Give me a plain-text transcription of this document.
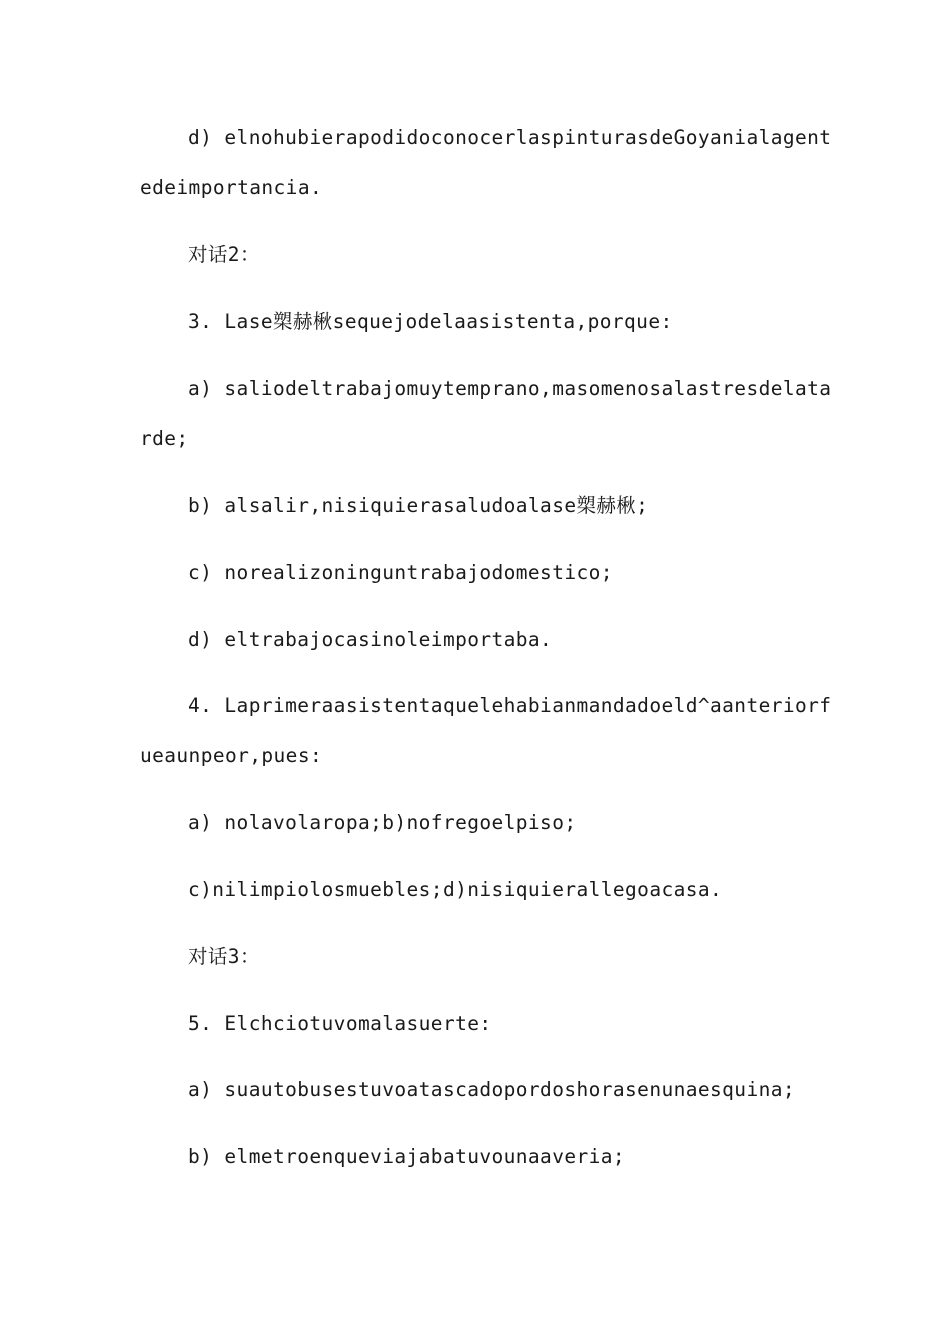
d) elnohubierapodidoconocerlaspinturasdeGoyanialagent
edeimportancia.
对话2：
3. Lase槊赫楸sequejodelaasistenta,porque:
a) saliodeltrabajomuytemprano,masomenosalastresdelata
rde;
b) alsalir,nisiquierasaludoalase槊赫楸;
c) norealizoninguntrabajodomestico;
d) eltrabajocasinoleimportaba.
4. Laprimeraasistentaquelehabianmandadoeld^aanteriorf
ueaunpeor,pues:
a) nolavolaropa;b)nofregoelpiso;
c)nilimpiolosmuebles;d)nisiquierallegoacasa.
对话3：
5. Elchciotuvomalasuerte:
a) suautobusestuvoatascadopordoshorasenunaesquina;
b) elmetroenqueviajabatuvounaaveria;
